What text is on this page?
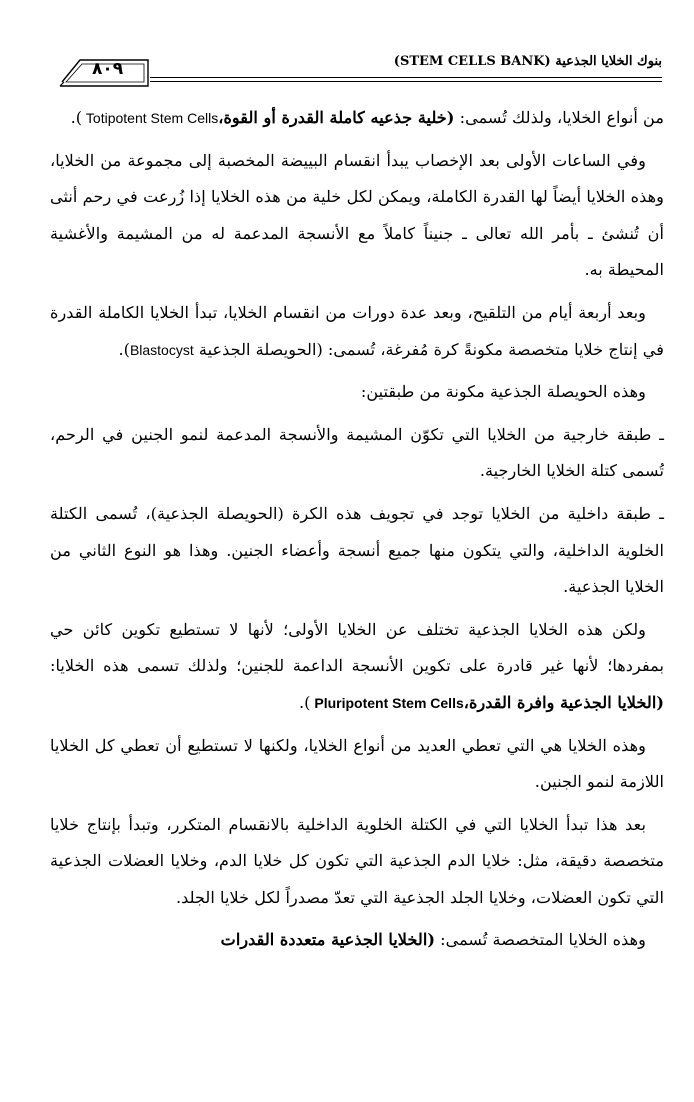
بنوك الخلايا الجذعية (STEM CELLS BANK)
٨٠٩

من أنواع الخلايا، ولذلك تُسمى: (خلية جذعيه كاملة القدرة أو القوة، Totipotent Stem Cells).

وفي الساعات الأولى بعد الإخصاب يبدأ انقسام البييضة المخصبة إلى مجموعة من الخلايا، وهذه الخلايا أيضاً لها القدرة الكاملة، ويمكن لكل خلية من هذه الخلايا إذا زُرعت في رحم أنثى أن تُنشئ ـ بأمر الله تعالى ـ جنيناً كاملاً مع الأنسجة المدعمة له من المشيمة والأغشية المحيطة به.

وبعد أربعة أيام من التلقيح، وبعد عدة دورات من انقسام الخلايا، تبدأ الخلايا الكاملة القدرة في إنتاج خلايا متخصصة مكونةً كرة مُفرغة، تُسمى: (الحويصلة الجذعية Blastocyst).

وهذه الحويصلة الجذعية مكونة من طبقتين:

ـ طبقة خارجية من الخلايا التي تكوّن المشيمة والأنسجة المدعمة لنمو الجنين في الرحم، تُسمى كتلة الخلايا الخارجية.

ـ طبقة داخلية من الخلايا توجد في تجويف هذه الكرة (الحويصلة الجذعية)، تُسمى الكتلة الخلوية الداخلية، والتي يتكون منها جميع أنسجة وأعضاء الجنين. وهذا هو النوع الثاني من الخلايا الجذعية.

ولكن هذه الخلايا الجذعية تختلف عن الخلايا الأولى؛ لأنها لا تستطيع تكوين كائن حي بمفردها؛ لأنها غير قادرة على تكوين الأنسجة الداعمة للجنين؛ ولذلك تسمى هذه الخلايا: (الخلايا الجذعية وافرة القدرة، Pluripotent Stem Cells).

وهذه الخلايا هي التي تعطي العديد من أنواع الخلايا، ولكنها لا تستطيع أن تعطي كل الخلايا اللازمة لنمو الجنين.

بعد هذا تبدأ الخلايا التي في الكتلة الخلوية الداخلية بالانقسام المتكرر، وتبدأ بإنتاج خلايا متخصصة دقيقة، مثل: خلايا الدم الجذعية التي تكون كل خلايا الدم، وخلايا العضلات الجذعية التي تكون العضلات، وخلايا الجلد الجذعية التي تعدّ مصدراً لكل خلايا الجلد.

وهذه الخلايا المتخصصة تُسمى: (الخلايا الجذعية متعددة القدرات
